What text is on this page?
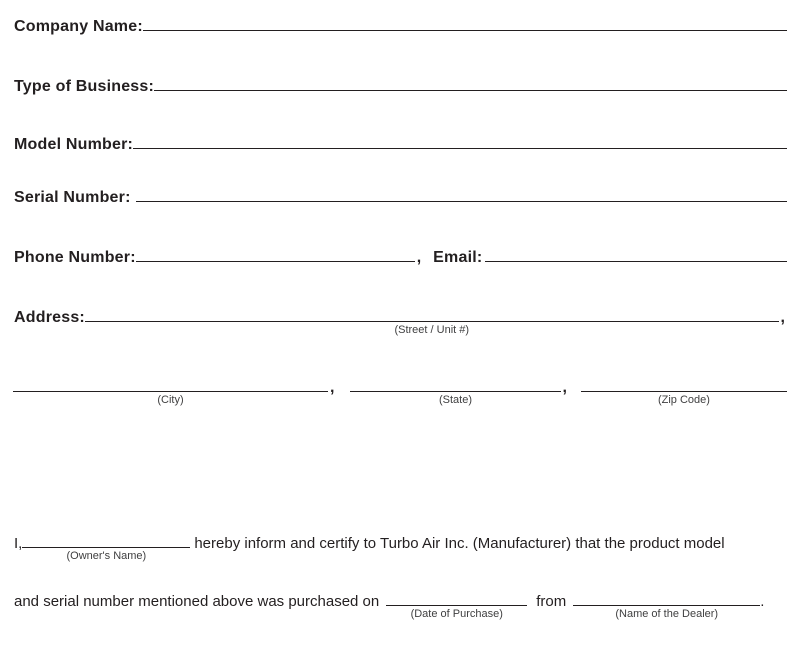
Company Name:
Type of Business:
Model Number:
Serial Number:
Phone Number:	, Email:
Address:
(Street / Unit #)
,
(City)
,
(State)
,
(Zip Code)
I,
(Owner's Name)
hereby inform and certify to Turbo Air Inc. (Manufacturer) that the product model
and serial number mentioned above was purchased on
(Date of Purchase)
from
(Name of the Dealer)
.
